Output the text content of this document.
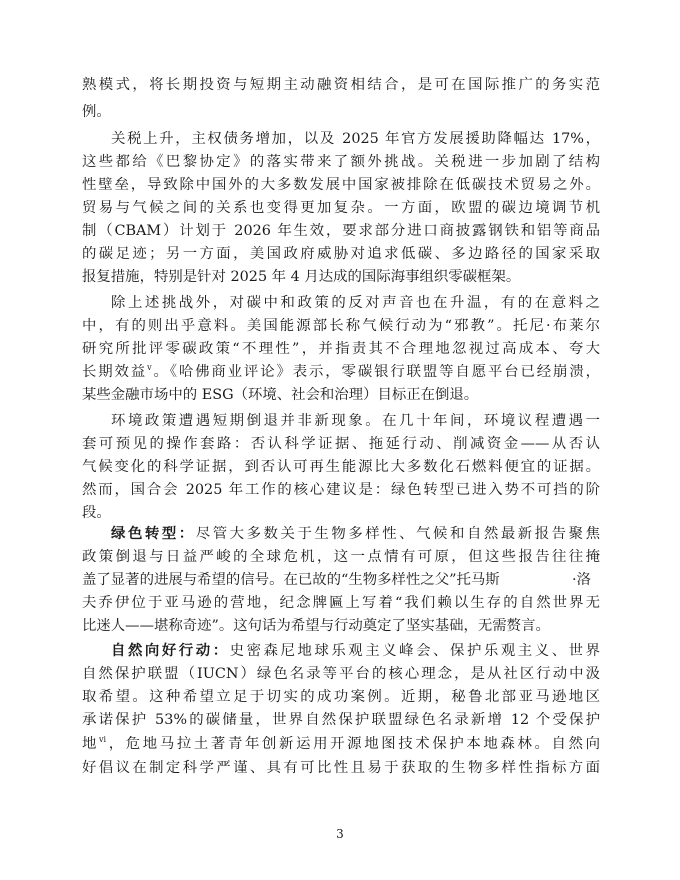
熟模式，将长期投资与短期主动融资相结合，是可在国际推广的务实范
例。
关税上升，主权债务增加，以及 2025 年官方发展援助降幅达 17%，
这些都给《巴黎协定》的落实带来了额外挑战。关税进一步加剧了结构
性壁垒，导致除中国外的大多数发展中国家被排除在低碳技术贸易之外。
贸易与气候之间的关系也变得更加复杂。一方面，欧盟的碳边境调节机
制（CBAM）计划于 2026 年生效，要求部分进口商披露钢铁和铝等商品
的碳足迹；另一方面，美国政府威胁对追求低碳、多边路径的国家采取
报复措施，特别是针对 2025 年 4 月达成的国际海事组织零碳框架。
除上述挑战外，对碳中和政策的反对声音也在升温，有的在意料之
中，有的则出乎意料。美国能源部长称气候行动为“邪教”。托尼·布莱尔
研究所批评零碳政策“不理性”，并指责其不合理地忽视过高成本、夸大
长期效益$^v$。《哈佛商业评论》表示，零碳银行联盟等自愿平台已经崩溃，
某些金融市场中的 ESG（环境、社会和治理）目标正在倒退。
环境政策遭遇短期倒退并非新现象。在几十年间，环境议程遭遇一
套可预见的操作套路：否认科学证据、拖延行动、削减资金——从否认
气候变化的科学证据，到否认可再生能源比大多数化石燃料便宜的证据。
然而，国合会 2025 年工作的核心建议是：绿色转型已进入势不可挡的阶
段。
绿色转型：尽管大多数关于生物多样性、气候和自然最新报告聚焦
政策倒退与日益严峻的全球危机，这一点情有可原，但这些报告往往掩
盖了显著的进展与希望的信号。在已故的“生物多样性之父”托马斯	·洛
夫乔伊位于亚马逊的营地，纪念牌匾上写着“我们赖以生存的自然世界无
比迷人——堪称奇迹”。这句话为希望与行动奠定了坚实基础，无需赘言。
自然向好行动：史密森尼地球乐观主义峰会、保护乐观主义、世界
自然保护联盟（IUCN）绿色名录等平台的核心理念，是从社区行动中汲
取希望。这种希望立足于切实的成功案例。近期，秘鲁北部亚马逊地区
承诺保护 53%的碳储量，世界自然保护联盟绿色名录新增 12 个受保护
地$^{vi}$，危地马拉土著青年创新运用开源地图技术保护本地森林。自然向
好倡议在制定科学严谨、具有可比性且易于获取的生物多样性指标方面
3
